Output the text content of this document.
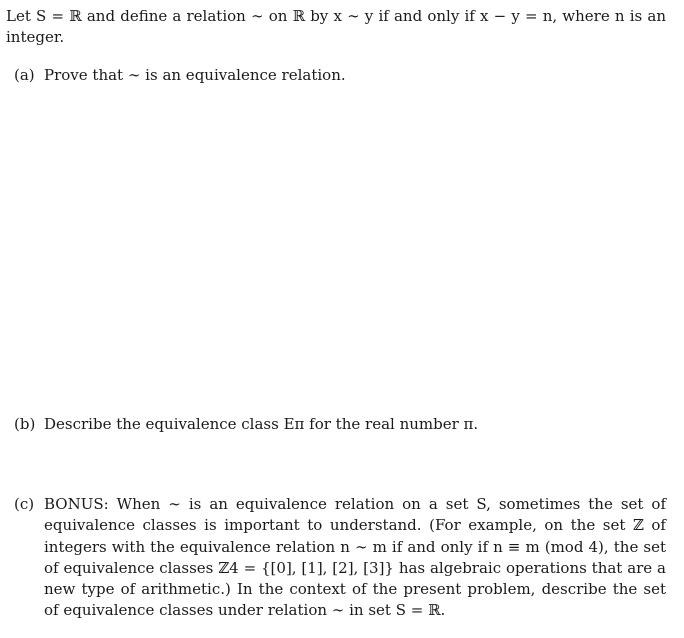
Let S = ℝ and define a relation ∼ on ℝ by x ∼ y if and only if x − y = n, where n is an integer.
(a) Prove that ∼ is an equivalence relation.
(b) Describe the equivalence class Eπ for the real number π.
(c) BONUS: When ∼ is an equivalence relation on a set S, sometimes the set of equivalence classes is important to understand. (For example, on the set ℤ of integers with the equivalence relation n ∼ m if and only if n ≡ m (mod 4), the set of equivalence classes ℤ4 = {[0], [1], [2], [3]} has algebraic operations that are a new type of arithmetic.) In the context of the present problem, describe the set of equivalence classes under relation ∼ in set S = ℝ.
